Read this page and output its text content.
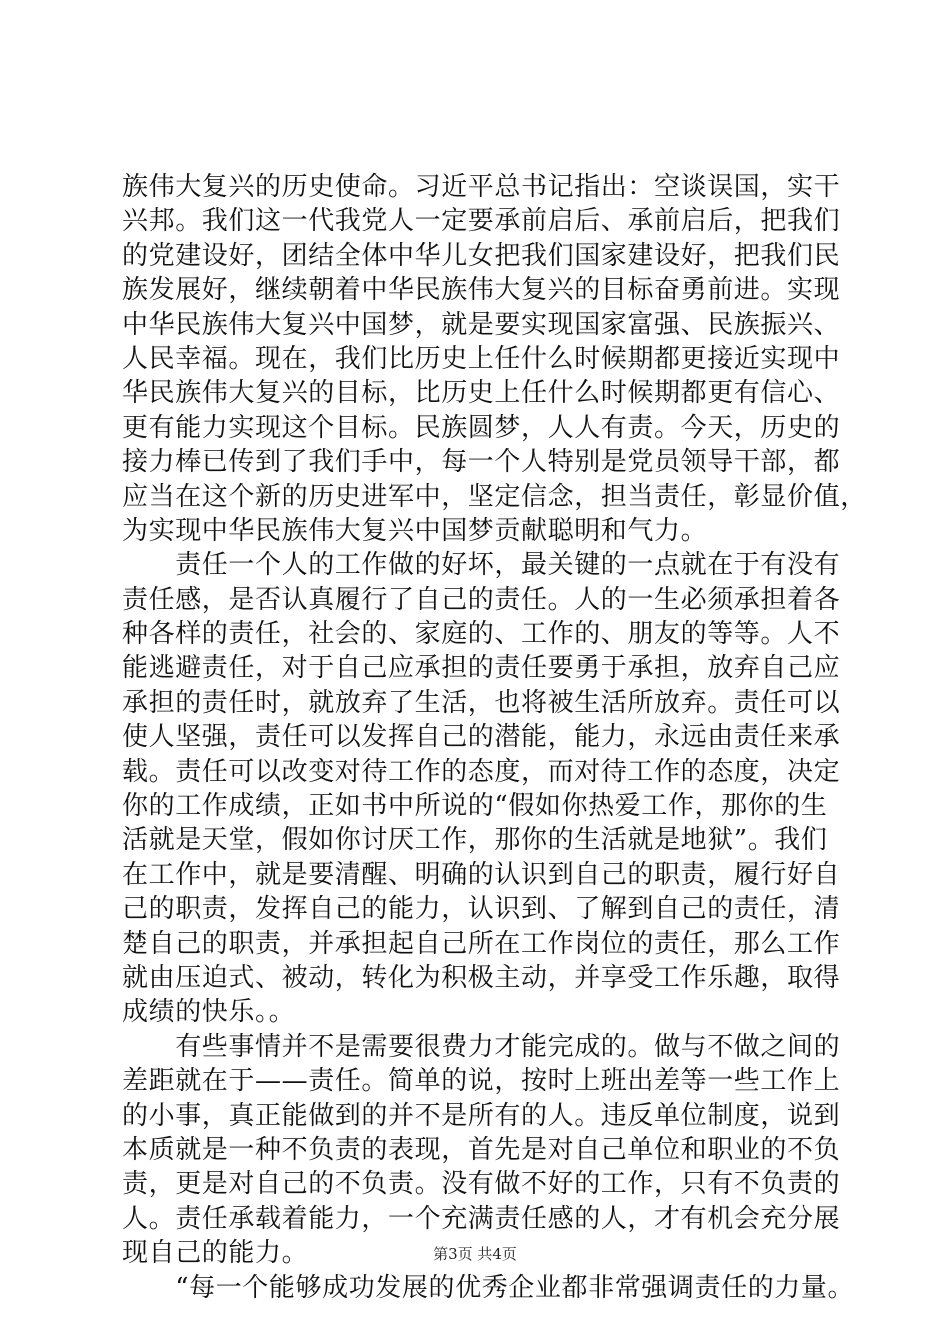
族伟大复兴的历史使命。习近平总书记指出：空谈误国，实干
兴邦。我们这一代我党人一定要承前启后、承前启后，把我们
的党建设好，团结全体中华儿女把我们国家建设好，把我们民
族发展好，继续朝着中华民族伟大复兴的目标奋勇前进。实现
中华民族伟大复兴中国梦，就是要实现国家富强、民族振兴、
人民幸福。现在，我们比历史上任什么时候期都更接近实现中
华民族伟大复兴的目标，比历史上任什么时候期都更有信心、
更有能力实现这个目标。民族圆梦，人人有责。今天，历史的
接力棒已传到了我们手中，每一个人特别是党员领导干部，都
应当在这个新的历史进军中，坚定信念，担当责任，彰显价值，
为实现中华民族伟大复兴中国梦贡献聪明和气力。
　　责任一个人的工作做的好坏，最关键的一点就在于有没有
责任感，是否认真履行了自己的责任。人的一生必须承担着各
种各样的责任，社会的、家庭的、工作的、朋友的等等。人不
能逃避责任，对于自己应承担的责任要勇于承担，放弃自己应
承担的责任时，就放弃了生活，也将被生活所放弃。责任可以
使人坚强，责任可以发挥自己的潜能，能力，永远由责任来承
载。责任可以改变对待工作的态度，而对待工作的态度，决定
你的工作成绩，正如书中所说的“假如你热爱工作，那你的生
活就是天堂，假如你讨厌工作，那你的生活就是地狱”。我们
在工作中，就是要清醒、明确的认识到自己的职责，履行好自
己的职责，发挥自己的能力，认识到、了解到自己的责任，清
楚自己的职责，并承担起自己所在工作岗位的责任，那么工作
就由压迫式、被动，转化为积极主动，并享受工作乐趣，取得
成绩的快乐。。
　　有些事情并不是需要很费力才能完成的。做与不做之间的
差距就在于——责任。简单的说，按时上班出差等一些工作上
的小事，真正能做到的并不是所有的人。违反单位制度，说到
本质就是一种不负责的表现，首先是对自己单位和职业的不负
责，更是对自己的不负责。没有做不好的工作，只有不负责的
人。责任承载着能力，一个充满责任感的人，才有机会充分展
现自己的能力。
　　“每一个能够成功发展的优秀企业都非常强调责任的力量。
第3页 共4页
